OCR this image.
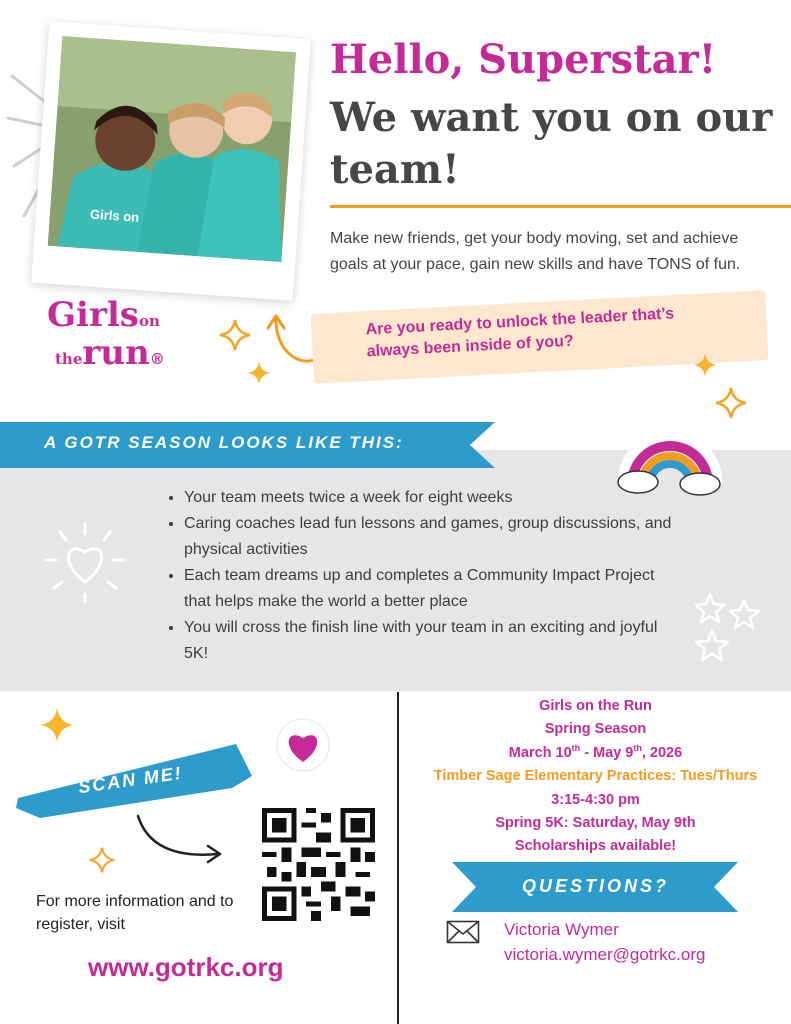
Girls on
Hello, Superstar!
We want you on our team!
Make new friends, get your body moving, set and achieve goals at your pace, gain new skills and have TONS of fun.
Girlson
therun®
Are you ready to unlock the leader that’s always been inside of you?
A GOTR SEASON LOOKS LIKE THIS:
• Your team meets twice a week for eight weeks
• Caring coaches lead fun lessons and games, group discussions, and physical activities
• Each team dreams up and completes a Community Impact Project that helps make the world a better place
• You will cross the finish line with your team in an exciting and joyful 5K!
SCAN ME!
For more information and to register, visit
www.gotrkc.org
Girls on the Run
Spring Season
March 10th - May 9th, 2026
Timber Sage Elementary Practices: Tues/Thurs
3:15-4:30 pm
Spring 5K: Saturday, May 9th
Scholarships available!
QUESTIONS?
Victoria Wymer
victoria.wymer@gotrkc.org
